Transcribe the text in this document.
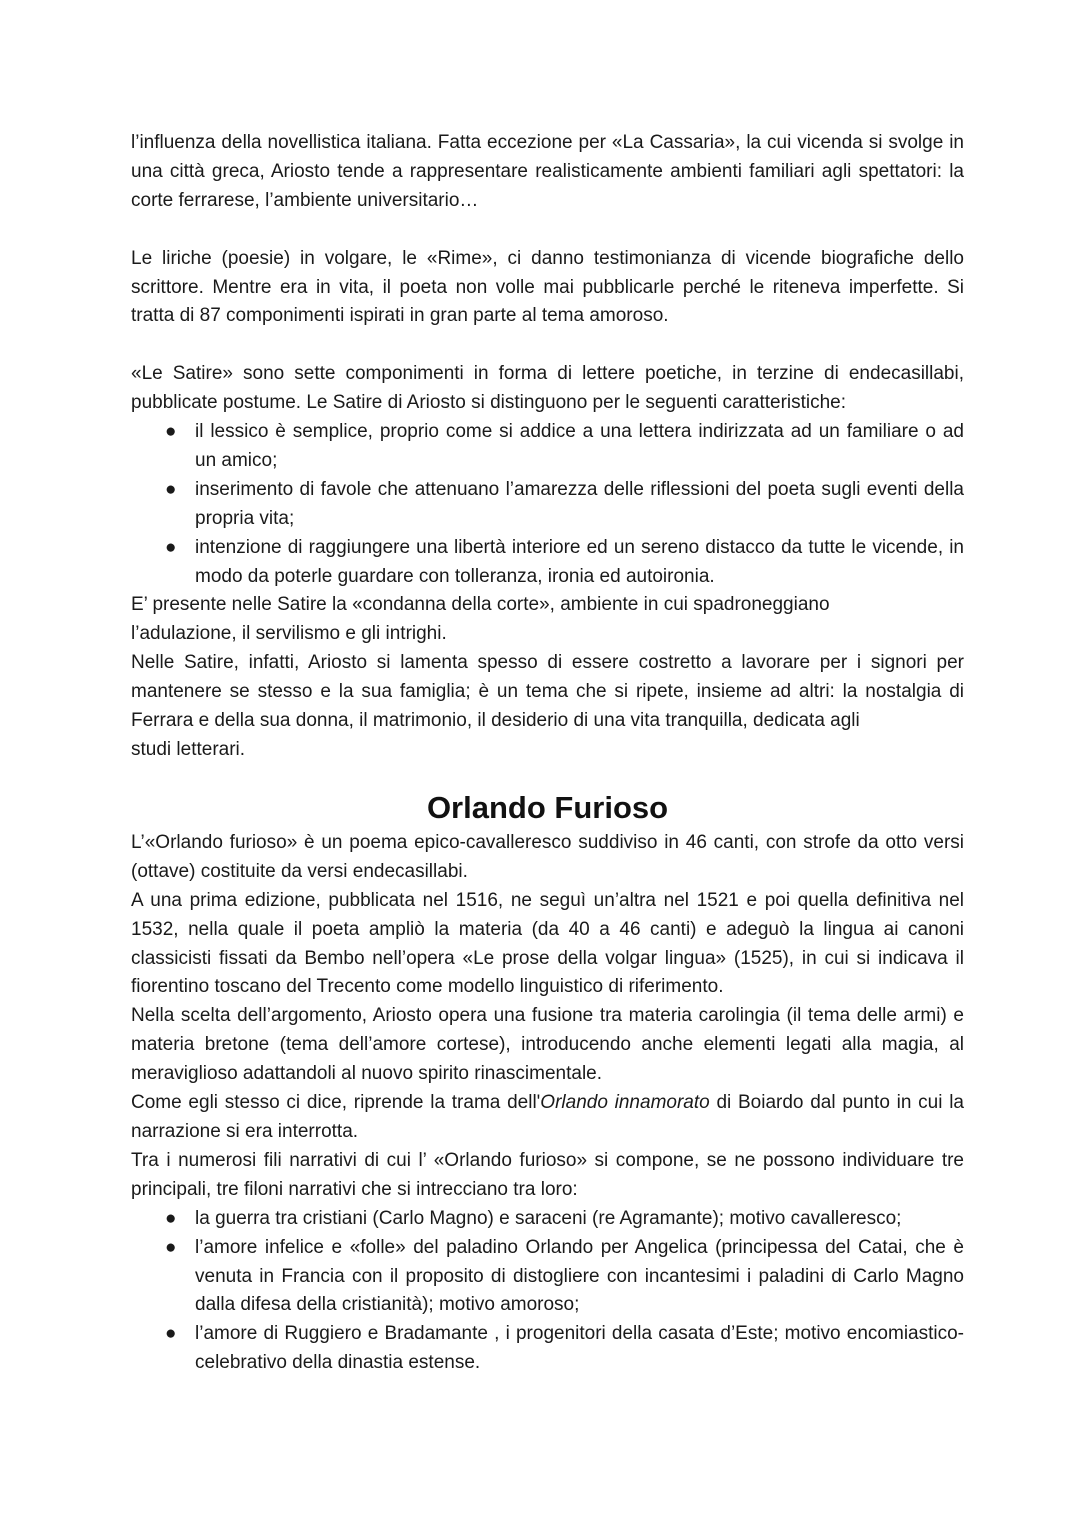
l’influenza della novellistica italiana. Fatta eccezione per «La Cassaria», la cui vicenda si svolge in una città greca, Ariosto tende a rappresentare realisticamente ambienti familiari agli spettatori: la corte ferrarese, l’ambiente universitario…

Le liriche (poesie) in volgare, le «Rime», ci danno testimonianza di vicende biografiche dello scrittore. Mentre era in vita, il poeta non volle mai pubblicarle perché le riteneva imperfette. Si tratta di 87 componimenti ispirati in gran parte al tema amoroso.

«Le Satire» sono sette componimenti in forma di lettere poetiche, in terzine di endecasillabi, pubblicate postume. Le Satire di Ariosto si distinguono per le seguenti caratteristiche:

● il lessico è semplice, proprio come si addice a una lettera indirizzata ad un familiare o ad un amico;
● inserimento di favole che attenuano l’amarezza delle riflessioni del poeta sugli eventi della propria vita;
● intenzione di raggiungere una libertà interiore ed un sereno distacco da tutte le vicende, in modo da poterle guardare con tolleranza, ironia ed autoironia.

E’ presente nelle Satire la «condanna della corte», ambiente in cui spadroneggiano

l’adulazione, il servilismo e gli intrighi.

Nelle Satire, infatti, Ariosto si lamenta spesso di essere costretto a lavorare per i signori per mantenere se stesso e la sua famiglia; è un tema che si ripete, insieme ad altri: la nostalgia di Ferrara e della sua donna, il matrimonio, il desiderio di una vita tranquilla, dedicata agli

studi letterari.

Orlando Furioso

L’«Orlando furioso» è un poema epico-cavalleresco suddiviso in 46 canti, con strofe da otto versi (ottave) costituite da versi endecasillabi.

A una prima edizione, pubblicata nel 1516, ne seguì un’altra nel 1521 e poi quella definitiva nel 1532, nella quale il poeta ampliò la materia (da 40 a 46 canti) e adeguò la lingua ai canoni classicisti fissati da Bembo nell’opera «Le prose della volgar lingua» (1525), in cui si indicava il fiorentino toscano del Trecento come modello linguistico di riferimento.

Nella scelta dell’argomento, Ariosto opera una fusione tra materia carolingia (il tema delle armi) e materia bretone (tema dell’amore cortese), introducendo anche elementi legati alla magia, al meraviglioso adattandoli al nuovo spirito rinascimentale.

Come egli stesso ci dice, riprende la trama dell'Orlando innamorato di Boiardo dal punto in cui la narrazione si era interrotta.

Tra i numerosi fili narrativi di cui l’ «Orlando furioso» si compone, se ne possono individuare tre principali, tre filoni narrativi che si intrecciano tra loro:

● la guerra tra cristiani (Carlo Magno) e saraceni (re Agramante); motivo cavalleresco;
● l’amore infelice e «folle» del paladino Orlando per Angelica (principessa del Catai, che è venuta in Francia con il proposito di distogliere con incantesimi i paladini di Carlo Magno dalla difesa della cristianità); motivo amoroso;
● l’amore di Ruggiero e Bradamante , i progenitori della casata d’Este; motivo encomiastico-celebrativo della dinastia estense.
